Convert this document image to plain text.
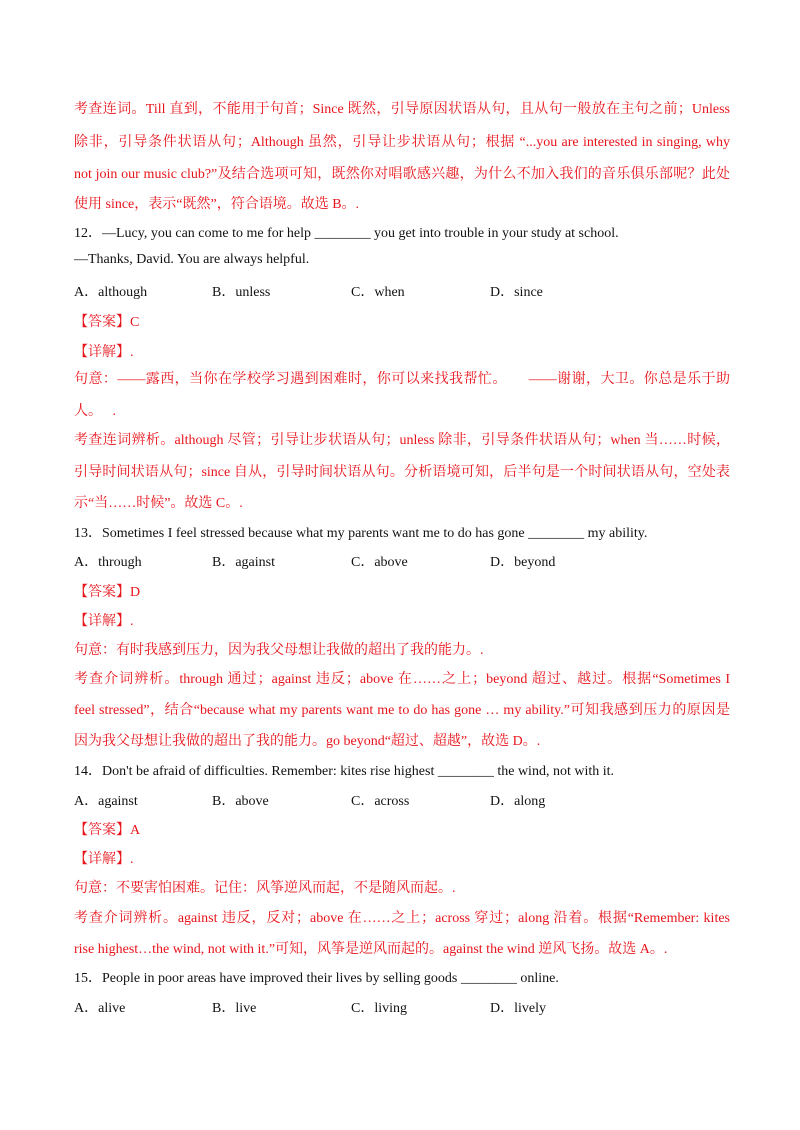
考查连词。Till 直到，不能用于句首；Since 既然，引导原因状语从句，且从句一般放在主句之前；Unless
除非，引导条件状语从句；Although 虽然，引导让步状语从句；根据 “...you are interested in singing, why
not join our music club?”及结合选项可知，既然你对唱歌感兴趣，为什么不加入我们的音乐俱乐部呢？此处
使用 since，表示“既然”，符合语境。故选 B。.
12．—Lucy, you can come to me for help ________ you get into trouble in your study at school.
—Thanks, David. You are always helpful.
A．although	B．unless	C．when	D．since
【答案】C
【详解】.
句意：——露西，当你在学校学习遇到困难时，你可以来找我帮忙。　　——谢谢，大卫。你总是乐于助
人。　 .
考查连词辨析。although 尽管；引导让步状语从句；unless 除非，引导条件状语从句；when 当……时候，
引导时间状语从句；since 自从，引导时间状语从句。分析语境可知，后半句是一个时间状语从句，空处表
示“当……时候”。故选 C。.
13．Sometimes I feel stressed because what my parents want me to do has gone ________ my ability.
A．through	B．against	C．above	D．beyond
【答案】D
【详解】.
句意：有时我感到压力，因为我父母想让我做的超出了我的能力。.
考查介词辨析。through 通过；against 违反；above 在……之上；beyond 超过、越过。根据“Sometimes I
feel stressed”，结合“because what my parents want me to do has gone … my ability.”可知我感到压力的原因是
因为我父母想让我做的超出了我的能力。go beyond“超过、超越”，故选 D。.
14．Don't be afraid of difficulties. Remember: kites rise highest ________ the wind, not with it.
A．against	B．above	C．across	D．along
【答案】A
【详解】.
句意：不要害怕困难。记住：风筝逆风而起，不是随风而起。.
考查介词辨析。against 违反，反对；above 在……之上；across 穿过；along 沿着。根据“Remember: kites
rise highest…the wind, not with it.”可知，风筝是逆风而起的。against the wind 逆风飞扬。故选 A。.
15．People in poor areas have improved their lives by selling goods ________ online.
A．alive	B．live	C．living	D．lively
